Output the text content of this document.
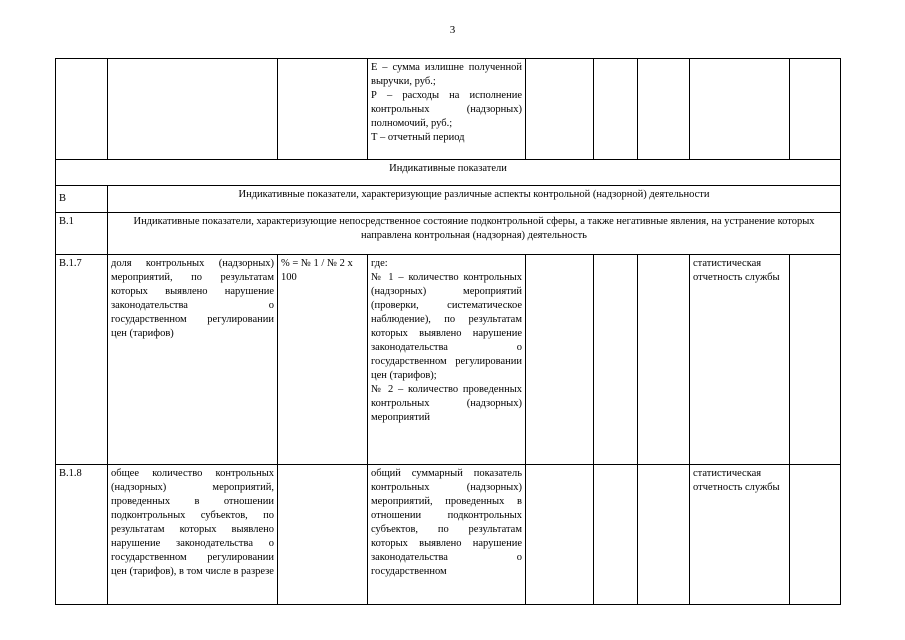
3
			Е – сумма излишне полученной выручки, руб.;
Р – расходы на исполнение контрольных (надзорных) полномочий, руб.;
Т – отчетный период					
Индикативные показатели								
В	Индикативные показатели, характеризующие различные аспекты контрольной (надзорной) деятельности							
В.1	Индикативные показатели, характеризующие непосредственное состояние подконтрольной сферы, а также негативные явления, на устранение которых направлена контрольная (надзорная) деятельность							
В.1.7	доля контрольных (надзорных) мероприятий, по результатам которых выявлено нарушение законодательства о государственном регулировании цен (тарифов)	% = № 1 / № 2 х 100	где:
№ 1 – количество контрольных (надзорных) мероприятий (проверки, систематическое наблюдение), по результатам которых выявлено нарушение законодательства о государственном регулировании цен (тарифов);
№ 2 – количество проведенных контрольных (надзорных) мероприятий				статистическая отчетность службы	
В.1.8	общее количество контрольных (надзорных) мероприятий, проведенных в отношении подконтрольных субъектов, по результатам которых выявлено нарушение законодательства о государственном регулировании цен (тарифов), в том числе в разрезе		общий суммарный показатель контрольных (надзорных) мероприятий, проведенных в отношении подконтрольных субъектов, по результатам которых выявлено нарушение законодательства о государственном				статистическая отчетность службы	
